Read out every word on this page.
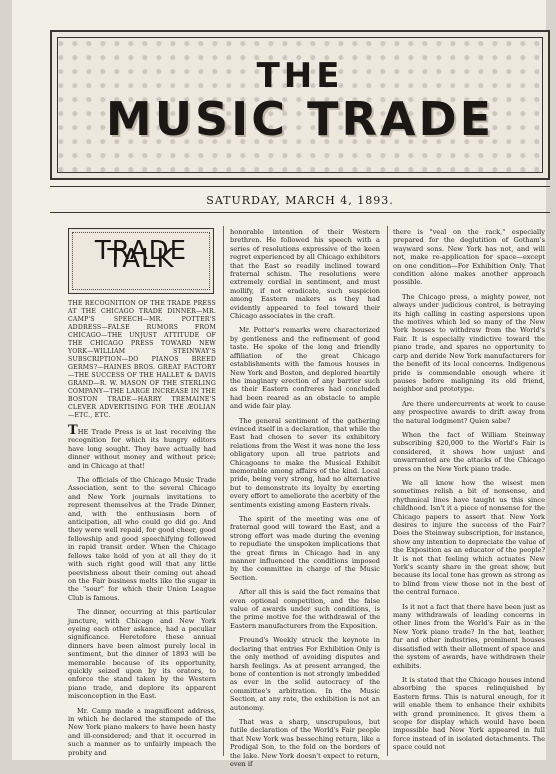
THE
MUSIC TRADE
SATURDAY, MARCH 4, 1893.
TRADE TALK
THE RECOGNITION OF THE TRADE PRESS AT THE CHICAGO TRADE DINNER—MR. CAMP'S SPEECH—MR. POTTER'S ADDRESS—FALSE RUMORS FROM CHICAGO—THE UNJUST ATTITUDE OF THE CHICAGO PRESS TOWARD NEW YORK—WILLIAM STEINWAY'S SUBSCRIPTION—DO PIANOS BREED GERMS?—HAINES BROS. GREAT FACTORY—THE SUCCESS OF THE HALLET & DAVIS GRAND—R. W. MASON OF THE STERLING COMPANY—THE LARGE INCREASE IN THE BOSTON TRADE—HARRY TREMAINE'S CLEVER ADVERTISING FOR THE ÆOLIAN—ETC., ETC.

THE Trade Press is at last receiving the recognition for which its hungry editors have long sought. They have actually had dinner without money and without price; and in Chicago at that!

The officials of the Chicago Music Trade Association, sent to the several Chicago and New York journals invitations to represent themselves at the Trade Dinner, and, with the enthusiasm born of anticipation, all who could go did go. And they were well repaid, for good cheer, good fellowship and good speechifying followed in rapid transit order. When the Chicago fellows take hold of you at all they do it with such right good will that any little peevishness about their coming out ahead on the Fair business melts like the sugar in the "sour" for which their Union League Club is famous.

The dinner, occurring at this particular juncture, with Chicago and New York eyeing each other askance, had a peculiar significance. Heretofore these annual dinners have been almost purely local in sentiment, but the dinner of 1893 will be memorable because of its opportunity, quickly seized upon by its orators, to enforce the stand taken by the Western piano trade, and deplore its apparent misconception in the East.

Mr. Camp made a magnificent address, in which he declared the stampede of the New York piano makers to have been hasty and ill-considered; and that it occurred in such a manner as to unfairly impeach the probity and

honorable intention of their Western brethren. He followed his speech with a series of resolutions expressive of the keen regret experienced by all Chicago exhibitors that the East so readily inclined toward fraternal schism. The resolutions were extremely cordial in sentiment, and must mollify, if not eradicate, such suspicion among Eastern makers as they had evidently appeared to feel toward their Chicago associates in the craft.

Mr. Potter's remarks were characterized by gentleness and the refinement of good taste. He spoke of the long and friendly affiliation of the great Chicago establishments with the famous houses in New York and Boston, and deplored heartily the imaginary erection of any barrier such as their Eastern confreres had concluded had been reared as an obstacle to ample and wide fair play.

The general sentiment of the gathering evinced itself in a declaration, that while the East had chosen to sever its exhibitory relations from the West it was none the less obligatory upon all true patriots and Chicagoans to make the Musical Exhibit memorable among affairs of the kind. Local pride, being very strong, had no alternative but to demonstrate its loyalty by exerting every effort to ameliorate the acerbity of the sentiments existing among Eastern rivals.

The spirit of the meeting was one of fraternal good will toward the East, and a strong effort was made during the evening to repudiate the unspoken implications that the great firms in Chicago had in any manner influenced the conditions imposed by the committee in charge of the Music Section.

After all this is said the fact remains that even optional competition, and the false value of awards under such conditions, is the prime motive for the withdrawal of the Eastern manufacturers from the Exposition.

Freund's Weekly struck the keynote in declaring that entries For Exhibition Only is the only method of avoiding disputes and harsh feelings. As at present arranged, the bone of contention is not strongly imbedded as ever in the solid autocracy of the committee's arbitration. In the Music Section, at any rate, the exhibition is not an autonomy.

That was a sharp, unscrupulous, but futile declaration of the World's Fair people that New York was besseching return, like a Prodigal Son, to the fold on the borders of the lake. New York doesn't expect to return, even if

there is "veal on the rack," especially prepared for the deglutition of Gotham's wayward sons. New York has not, and will not, make re-application for space—except on one condition—For Exhibition Only. That condition alone makes another approach possible.

The Chicago press, a mighty power, not always under judicious control, is betraying its high calling in casting aspersions upon the motives which led so many of the New York houses to withdraw from the World's Fair. It is especially vindictive toward the piano trade, and spares no opportunity to carp and deride New York manufacturers for the benefit of its local concerns. Indigenous pride is commendable enough where it pauses before maligning its old friend, neighbor and prototype.

Are there undercurrents at work to cause any prospective awards to drift away from the natural lodgment? Quien sabe?

When the fact of William Steinway subscribing $20,000 to the World's Fair is considered, it shows how unjust and unwarranted are the attacks of the Chicago press on the New York piano trade.

We all know how the wisest men sometimes relish a bit of nonsense, and rhythmical lines have taught us this since childhood. Isn't it a piece of nonsense for the Chicago papers to assert that New York desires to injure the success of the Fair? Does the Steinway subscription, for instance, show any intention to depreciate the value of the Exposition as an educator of the people? It is not that feeling which actuates New York's scanty share in the great show, but because its local tone has grown as strong as to blind from view those not in the best of the central furnace.

Is it not a fact that there have been just as many withdrawals of leading concerns in other lines from the World's Fair as in the New York piano trade? In the hat, leather, fur and other industries, prominent houses dissatisfied with their allotment of space and the system of awards, have withdrawn their exhibits.

It is stated that the Chicago houses intend absorbing the spaces relinquished by Eastern firms. This is natural enough, for it will enable them to enhance their exhibits with grand prominence. It gives them a scope for display which would have been impossible had New York appeared in full force instead of in isolated detachments. The space could not
